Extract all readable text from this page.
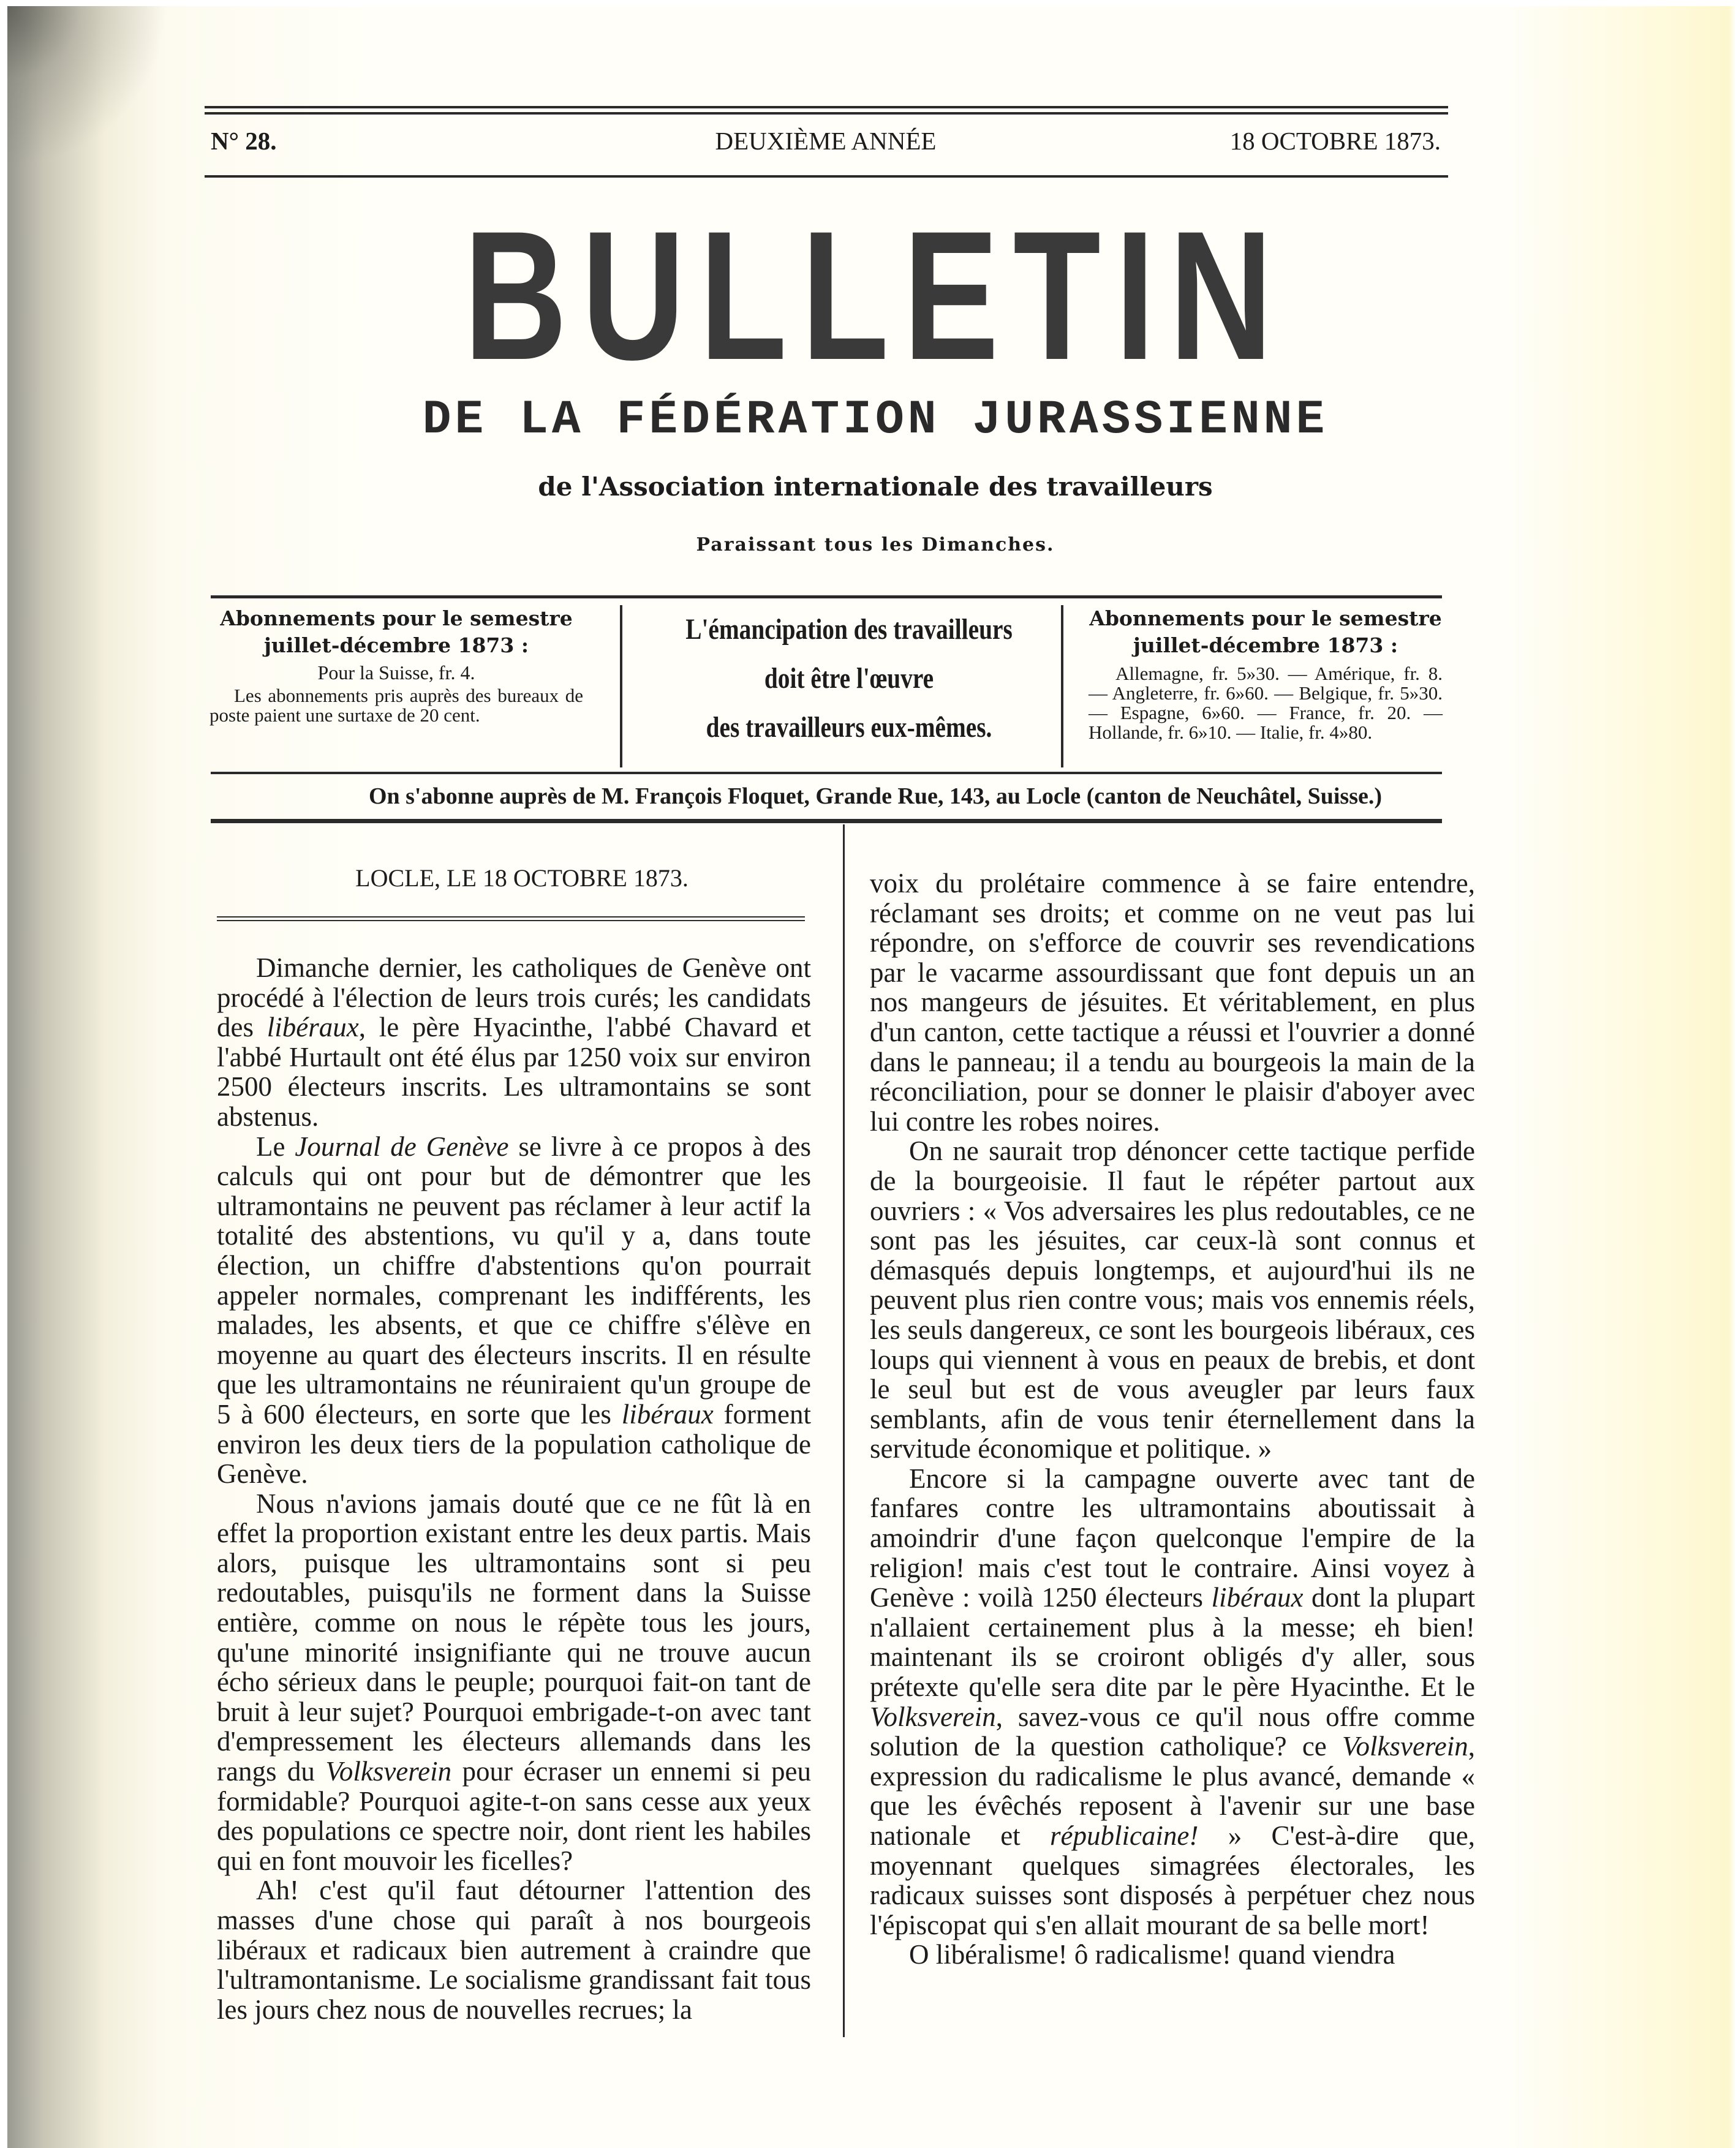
N° 28.	DEUXIÈME ANNÉE	18 OCTOBRE 1873.
BULLETIN
DE LA FÉDÉRATION JURASSIENNE
de l'Association internationale des travailleurs
Paraissant tous les Dimanches.
Abonnements pour le semestre
juillet-décembre 1873 :
Pour la Suisse, fr. 4.
Les abonnements pris auprès des bureaux de poste paient une surtaxe de 20 cent.
L'émancipation des travailleurs
doit être l'œuvre
des travailleurs eux-mêmes.
Abonnements pour le semestre
juillet-décembre 1873 :
Allemagne, fr. 5»30. — Amérique, fr. 8. — Angleterre, fr. 6»60. — Belgique, fr. 5»30. — Espagne, 6»60. — France, fr. 20. — Hollande, fr. 6»10. — Italie, fr. 4»80.
On s'abonne auprès de M. François Floquet, Grande Rue, 143, au Locle (canton de Neuchâtel, Suisse.)
LOCLE, LE 18 OCTOBRE 1873.

Dimanche dernier, les catholiques de Genève ont procédé à l'élection de leurs trois curés; les candidats des libéraux, le père Hyacinthe, l'abbé Chavard et l'abbé Hurtault ont été élus par 1250 voix sur environ 2500 électeurs inscrits. Les ultramontains se sont abstenus.

Le Journal de Genève se livre à ce propos à des calculs qui ont pour but de démontrer que les ultramontains ne peuvent pas réclamer à leur actif la totalité des abstentions, vu qu'il y a, dans toute élection, un chiffre d'abstentions qu'on pourrait appeler normales, comprenant les indifférents, les malades, les absents, et que ce chiffre s'élève en moyenne au quart des électeurs inscrits. Il en résulte que les ultramontains ne réuniraient qu'un groupe de 5 à 600 électeurs, en sorte que les libéraux forment environ les deux tiers de la population catholique de Genève.

Nous n'avions jamais douté que ce ne fût là en effet la proportion existant entre les deux partis. Mais alors, puisque les ultramontains sont si peu redoutables, puisqu'ils ne forment dans la Suisse entière, comme on nous le répète tous les jours, qu'une minorité insignifiante qui ne trouve aucun écho sérieux dans le peuple; pourquoi fait-on tant de bruit à leur sujet? Pourquoi embrigade-t-on avec tant d'empressement les électeurs allemands dans les rangs du Volksverein pour écraser un ennemi si peu formidable? Pourquoi agite-t-on sans cesse aux yeux des populations ce spectre noir, dont rient les habiles qui en font mouvoir les ficelles?

Ah! c'est qu'il faut détourner l'attention des masses d'une chose qui paraît à nos bourgeois libéraux et radicaux bien autrement à craindre que l'ultramontanisme. Le socialisme grandissant fait tous les jours chez nous de nouvelles recrues; la

voix du prolétaire commence à se faire entendre, réclamant ses droits; et comme on ne veut pas lui répondre, on s'efforce de couvrir ses revendications par le vacarme assourdissant que font depuis un an nos mangeurs de jésuites. Et véritablement, en plus d'un canton, cette tactique a réussi et l'ouvrier a donné dans le panneau; il a tendu au bourgeois la main de la réconciliation, pour se donner le plaisir d'aboyer avec lui contre les robes noires.

On ne saurait trop dénoncer cette tactique perfide de la bourgeoisie. Il faut le répéter partout aux ouvriers : « Vos adversaires les plus redoutables, ce ne sont pas les jésuites, car ceux-là sont connus et démasqués depuis longtemps, et aujourd'hui ils ne peuvent plus rien contre vous; mais vos ennemis réels, les seuls dangereux, ce sont les bourgeois libéraux, ces loups qui viennent à vous en peaux de brebis, et dont le seul but est de vous aveugler par leurs faux semblants, afin de vous tenir éternellement dans la servitude économique et politique. »

Encore si la campagne ouverte avec tant de fanfares contre les ultramontains aboutissait à amoindrir d'une façon quelconque l'empire de la religion! mais c'est tout le contraire. Ainsi voyez à Genève : voilà 1250 électeurs libéraux dont la plupart n'allaient certainement plus à la messe; eh bien! maintenant ils se croiront obligés d'y aller, sous prétexte qu'elle sera dite par le père Hyacinthe. Et le Volksverein, savez-vous ce qu'il nous offre comme solution de la question catholique? ce Volksverein, expression du radicalisme le plus avancé, demande « que les évêchés reposent à l'avenir sur une base nationale et républicaine! » C'est-à-dire que, moyennant quelques simagrées électorales, les radicaux suisses sont disposés à perpétuer chez nous l'épiscopat qui s'en allait mourant de sa belle mort!

O libéralisme! ô radicalisme! quand viendra
